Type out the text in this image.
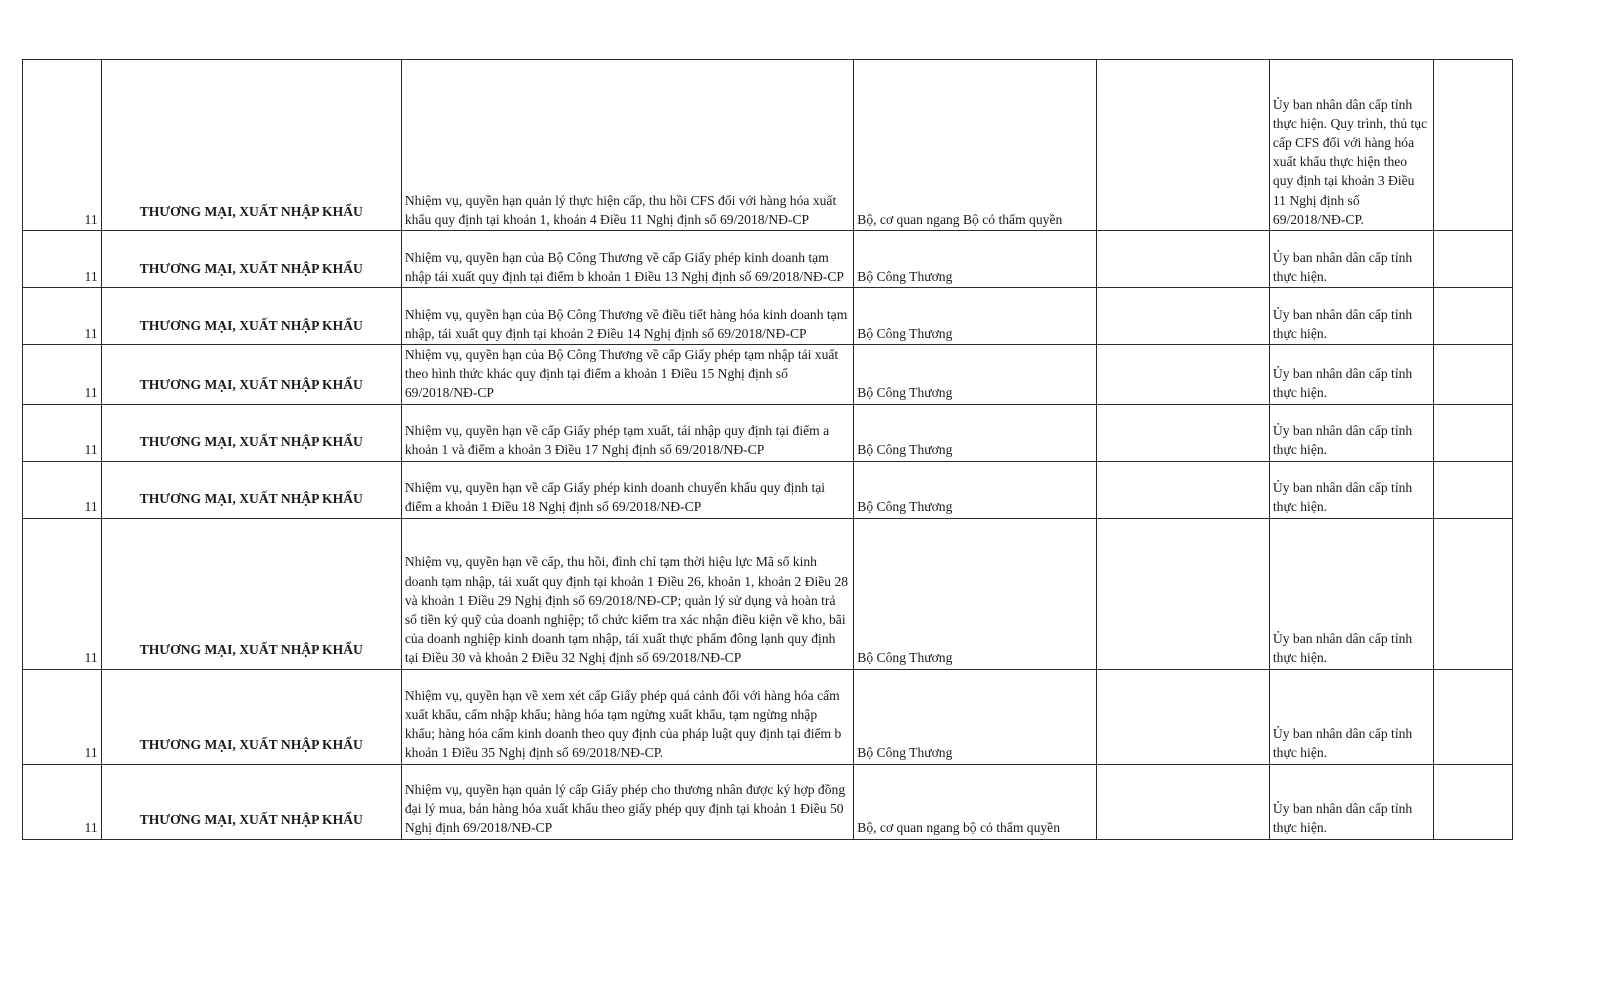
11	THƯƠNG MẠI, XUẤT NHẬP KHẨU	Nhiệm vụ, quyền hạn quản lý thực hiện cấp, thu hồi CFS đối với hàng hóa xuất khẩu quy định tại khoản 1, khoản 4 Điều 11 Nghị định số 69/2018/NĐ-CP	Bộ, cơ quan ngang Bộ có thẩm quyền		Ủy ban nhân dân cấp tỉnh thực hiện. Quy trình, thủ tục cấp CFS đối với hàng hóa xuất khẩu thực hiện theo quy định tại khoản 3 Điều 11 Nghị định số 69/2018/NĐ-CP.	
11	THƯƠNG MẠI, XUẤT NHẬP KHẨU	Nhiệm vụ, quyền hạn của Bộ Công Thương về cấp Giấy phép kinh doanh tạm nhập tái xuất quy định tại điểm b khoản 1 Điều 13 Nghị định số 69/2018/NĐ-CP	Bộ Công Thương		Ủy ban nhân dân cấp tỉnh thực hiện.	
11	THƯƠNG MẠI, XUẤT NHẬP KHẨU	Nhiệm vụ, quyền hạn của Bộ Công Thương về điều tiết hàng hóa kinh doanh tạm nhập, tái xuất quy định tại khoản 2 Điều 14 Nghị định số 69/2018/NĐ-CP	Bộ Công Thương		Ủy ban nhân dân cấp tỉnh thực hiện.	
11	THƯƠNG MẠI, XUẤT NHẬP KHẨU	Nhiệm vụ, quyền hạn của Bộ Công Thương về cấp Giấy phép tạm nhập tái xuất theo hình thức khác quy định tại điểm a khoản 1 Điều 15 Nghị định số 69/2018/NĐ-CP	Bộ Công Thương		Ủy ban nhân dân cấp tỉnh thực hiện.	
11	THƯƠNG MẠI, XUẤT NHẬP KHẨU	Nhiệm vụ, quyền hạn về cấp Giấy phép tạm xuất, tái nhập quy định tại điểm a khoản 1 và điểm a khoản 3 Điều 17 Nghị định số 69/2018/NĐ-CP	Bộ Công Thương		Ủy ban nhân dân cấp tỉnh thực hiện.	
11	THƯƠNG MẠI, XUẤT NHẬP KHẨU	Nhiệm vụ, quyền hạn về cấp Giấy phép kinh doanh chuyển khẩu quy định tại điểm a khoản 1 Điều 18 Nghị định số 69/2018/NĐ-CP	Bộ Công Thương		Ủy ban nhân dân cấp tỉnh thực hiện.	
11	THƯƠNG MẠI, XUẤT NHẬP KHẨU	Nhiệm vụ, quyền hạn về cấp, thu hồi, đình chỉ tạm thời hiệu lực Mã số kinh doanh tạm nhập, tái xuất quy định tại khoản 1 Điều 26, khoản 1, khoản 2 Điều 28 và khoản 1 Điều 29 Nghị định số 69/2018/NĐ-CP; quản lý sử dụng và hoàn trả số tiền ký quỹ của doanh nghiệp; tổ chức kiểm tra xác nhận điều kiện về kho, bãi của doanh nghiệp kinh doanh tạm nhập, tái xuất thực phẩm đông lạnh quy định tại Điều 30 và khoản 2 Điều 32 Nghị định số 69/2018/NĐ-CP	Bộ Công Thương		Ủy ban nhân dân cấp tỉnh thực hiện.	
11	THƯƠNG MẠI, XUẤT NHẬP KHẨU	Nhiệm vụ, quyền hạn về xem xét cấp Giấy phép quá cảnh đối với hàng hóa cấm xuất khẩu, cấm nhập khẩu; hàng hóa tạm ngừng xuất khẩu, tạm ngừng nhập khẩu; hàng hóa cấm kinh doanh theo quy định của pháp luật quy định tại điểm b khoản 1 Điều 35 Nghị định số 69/2018/NĐ-CP.	Bộ Công Thương		Ủy ban nhân dân cấp tỉnh thực hiện.	
11	THƯƠNG MẠI, XUẤT NHẬP KHẨU	Nhiệm vụ, quyền hạn quản lý cấp Giấy phép cho thương nhân được ký hợp đồng đại lý mua, bán hàng hóa xuất khẩu theo giấy phép quy định tại khoản 1 Điều 50 Nghị định 69/2018/NĐ-CP	Bộ, cơ quan ngang bộ có thẩm quyền		Ủy ban nhân dân cấp tỉnh thực hiện.	
